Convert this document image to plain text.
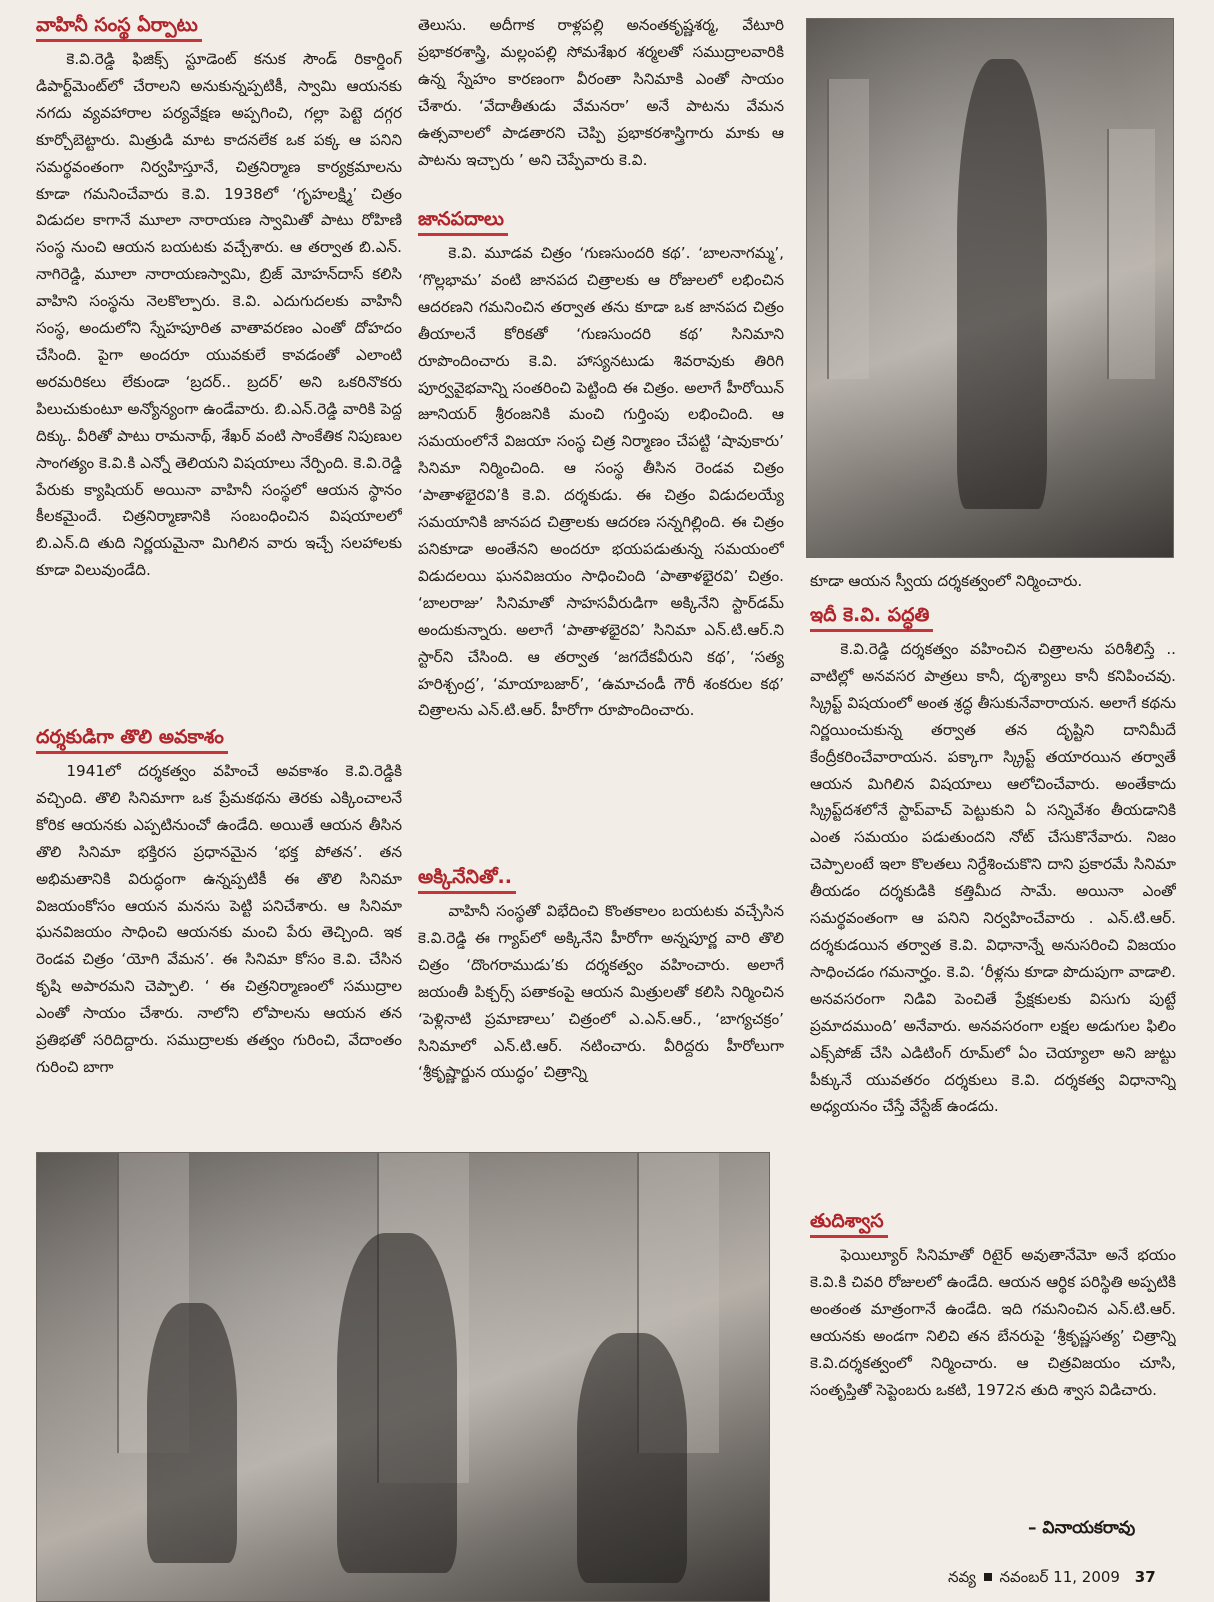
వాహినీ సంస్థ ఏర్పాటు

కె.వి.రెడ్డి ఫిజిక్స్ స్టూడెంట్ కనుక సౌండ్ రికార్డింగ్ డిపార్ట్‌మెంట్‌లో చేరాలని అనుకున్నప్పటికీ, స్వామి ఆయనకు నగదు వ్యవహారాల పర్యవేక్షణ అప్పగించి, గల్లా పెట్టె దగ్గర కూర్చోబెట్టారు. మిత్రుడి మాట కాదనలేక ఒక పక్క ఆ పనిని సమర్థవంతంగా నిర్వహిస్తూనే, చిత్రనిర్మాణ కార్యక్రమాలను కూడా గమనించేవారు కె.వి. 1938లో ‘గృహలక్ష్మి’ చిత్రం విడుదల కాగానే మూలా నారాయణ స్వామితో పాటు రోహిణి సంస్థ నుంచి ఆయన బయటకు వచ్చేశారు. ఆ తర్వాత బి.ఎన్. నాగిరెడ్డి, మూలా నారాయణస్వామి, బ్రిజ్ మోహన్‌దాస్ కలిసి వాహిని సంస్థను నెలకొల్పారు. కె.వి. ఎదుగుదలకు వాహినీ సంస్థ, అందులోని స్నేహపూరిత వాతావరణం ఎంతో దోహదం చేసింది. పైగా అందరూ యువకులే కావడంతో ఎలాంటి అరమరికలు లేకుండా ‘బ్రదర్.. బ్రదర్’ అని ఒకరినొకరు పిలుచుకుంటూ అన్యోన్యంగా ఉండేవారు. బి.ఎన్.రెడ్డి వారికి పెద్ద దిక్కు. వీరితో పాటు రామనాథ్, శేఖర్ వంటి సాంకేతిక నిపుణుల సాంగత్యం కె.వి.కి ఎన్నో తెలియని విషయాలు నేర్పింది. కె.వి.రెడ్డి పేరుకు క్యాషియర్ అయినా వాహినీ సంస్థలో ఆయన స్థానం కీలకమైందే. చిత్రనిర్మాణానికి సంబంధించిన విషయాలలో బి.ఎన్.ది తుది నిర్ణయమైనా మిగిలిన వారు ఇచ్చే సలహాలకు కూడా విలువుండేది.

దర్శకుడిగా తొలి అవకాశం

1941లో దర్శకత్వం వహించే అవకాశం కె.వి.రెడ్డికి వచ్చింది. తొలి సినిమాగా ఒక ప్రేమకథను తెరకు ఎక్కించాలనే కోరిక ఆయనకు ఎప్పటినుంచో ఉండేది. అయితే ఆయన తీసిన తొలి సినిమా భక్తిరస ప్రధానమైన ‘భక్త పోతన’. తన అభిమతానికి విరుద్ధంగా ఉన్నప్పటికీ ఈ తొలి సినిమా విజయంకోసం ఆయన మనసు పెట్టి పనిచేశారు. ఆ సినిమా ఘనవిజయం సాధించి ఆయనకు మంచి పేరు తెచ్చింది. ఇక రెండవ చిత్రం ‘యోగి వేమన’. ఈ సినిమా కోసం కె.వి. చేసిన కృషి అపారమని చెప్పాలి. ‘ ఈ చిత్రనిర్మాణంలో సముద్రాల ఎంతో సాయం చేశారు. నాలోని లోపాలను ఆయన తన ప్రతిభతో సరిదిద్దారు. సముద్రాలకు తత్వం గురించి, వేదాంతం గురించి బాగా

తెలుసు. అదీగాక రాళ్లపల్లి అనంతకృష్ణశర్మ, వేటూరి ప్రభాకరశాస్త్రి, మల్లంపల్లి సోమశేఖర శర్మలతో సముద్రాలవారికి ఉన్న స్నేహం కారణంగా వీరంతా సినిమాకి ఎంతో సాయం చేశారు. ‘వేదాతీతుడు వేమనరా’ అనే పాటను వేమన ఉత్సవాలలో పాడతారని చెప్పి ప్రభాకరశాస్త్రిగారు మాకు ఆ పాటను ఇచ్చారు ’ అని చెప్పేవారు కె.వి.

జానపదాలు

కె.వి. మూడవ చిత్రం ‘గుణసుందరి కథ’. ‘బాలనాగమ్మ’, ‘గొల్లభామ’ వంటి జానపద చిత్రాలకు ఆ రోజులలో లభించిన ఆదరణని గమనించిన తర్వాత తను కూడా ఒక జానపద చిత్రం తీయాలనే కోరికతో ‘గుణసుందరి కథ’ సినిమాని రూపొందించారు కె.వి. హాస్యనటుడు శివరావుకు తిరిగి పూర్వవైభవాన్ని సంతరించి పెట్టింది ఈ చిత్రం. అలాగే హీరోయిన్ జూనియర్ శ్రీరంజనికి మంచి గుర్తింపు లభించింది. ఆ సమయంలోనే విజయా సంస్థ చిత్ర నిర్మాణం చేపట్టి ‘షావుకారు’ సినిమా నిర్మించింది. ఆ సంస్థ తీసిన రెండవ చిత్రం ‘పాతాళభైరవి’కి కె.వి. దర్శకుడు. ఈ చిత్రం విడుదలయ్యే సమయానికి జానపద చిత్రాలకు ఆదరణ సన్నగిల్లింది. ఈ చిత్రం పనికూడా అంతేనని అందరూ భయపడుతున్న సమయంలో విడుదలయి ఘనవిజయం సాధించింది ‘పాతాళభైరవి’ చిత్రం. ‘బాలరాజు’ సినిమాతో సాహసవీరుడిగా అక్కినేని స్టార్‌డమ్ అందుకున్నారు. అలాగే ‘పాతాళభైరవి’ సినిమా ఎన్.టి.ఆర్.ని స్టార్‌ని చేసింది. ఆ తర్వాత ‘జగదేకవీరుని కథ’, ‘సత్య హరిశ్చంద్ర’, ‘మాయాబజార్’, ‘ఉమాచండీ గౌరీ శంకరుల కథ’ చిత్రాలను ఎన్.టి.ఆర్. హీరోగా రూపొందించారు.

అక్కినేనితో..

వాహినీ సంస్థతో విభేదించి కొంతకాలం బయటకు వచ్చేసిన కె.వి.రెడ్డి ఈ గ్యాప్‌లో అక్కినేని హీరోగా అన్నపూర్ణ వారి తొలి చిత్రం ‘దొంగరాముడు’కు దర్శకత్వం వహించారు. అలాగే జయంతీ పిక్చర్స్ పతాకంపై ఆయన మిత్రులతో కలిసి నిర్మించిన ‘పెళ్లినాటి ప్రమాణాలు’ చిత్రంలో ఎ.ఎన్.ఆర్., ‘బాగ్యచక్రం’ సినిమాలో ఎన్.టి.ఆర్. నటించారు. వీరిద్దరు హీరోలుగా ‘శ్రీకృష్ణార్జున యుద్ధం’ చిత్రాన్ని

కూడా ఆయన స్వీయ దర్శకత్వంలో నిర్మించారు.

ఇదీ కె.వి. పద్ధతి

కె.వి.రెడ్డి దర్శకత్వం వహించిన చిత్రాలను పరిశీలిస్తే .. వాటిల్లో అనవసర పాత్రలు కానీ, దృశ్యాలు కానీ కనిపించవు. స్క్రిప్ట్ విషయంలో అంత శ్రద్ధ తీసుకునేవారాయన. అలాగే కథను నిర్ణయించుకున్న తర్వాత తన దృష్టిని దానిమీదే కేంద్రీకరించేవారాయన. పక్కాగా స్క్రిప్ట్ తయారయిన తర్వాతే ఆయన మిగిలిన విషయాలు ఆలోచించేవారు. అంతేకాదు స్క్రిప్ట్‌దశలోనే స్టాప్‌వాచ్ పెట్టుకుని ఏ సన్నివేశం తీయడానికి ఎంత సమయం పడుతుందని నోట్ చేసుకొనేవారు. నిజం చెప్పాలంటే ఇలా కొలతలు నిర్దేశించుకొని దాని ప్రకారమే సినిమా తీయడం దర్శకుడికి కత్తిమీద సామే. అయినా ఎంతో సమర్థవంతంగా ఆ పనిని నిర్వహించేవారు . ఎన్.టి.ఆర్. దర్శకుడయిన తర్వాత కె.వి. విధానాన్నే అనుసరించి విజయం సాధించడం గమనార్హం. కె.వి. ‘రీళ్లను కూడా పొదుపుగా వాడాలి. అనవసరంగా నిడివి పెంచితే ప్రేక్షకులకు విసుగు పుట్టే ప్రమాదముంది’ అనేవారు. అనవసరంగా లక్షల అడుగుల ఫిలిం ఎక్స్‌పోజ్ చేసి ఎడిటింగ్ రూమ్‌లో ఏం చెయ్యాలా అని జుట్టు పీక్కునే యువతరం దర్శకులు కె.వి. దర్శకత్వ విధానాన్ని అధ్యయనం చేస్తే వేస్టేజ్ ఉండదు.

తుదిశ్వాస

ఫెయిల్యూర్ సినిమాతో రిటైర్ అవుతానేమో అనే భయం కె.వి.కి చివరి రోజులలో ఉండేది. ఆయన ఆర్థిక పరిస్థితి అప్పటికి అంతంత మాత్రంగానే ఉండేది. ఇది గమనించిన ఎన్.టి.ఆర్. ఆయనకు అండగా నిలిచి తన బేనరుపై ‘శ్రీకృష్ణసత్య’ చిత్రాన్ని కె.వి.దర్శకత్వంలో నిర్మించారు. ఆ చిత్రవిజయం చూసి, సంతృప్తితో సెప్టెంబరు ఒకటి, 1972న తుది శ్వాస విడిచారు.

– వినాయకరావు
నవ్య నవంబర్ 11, 2009 37
